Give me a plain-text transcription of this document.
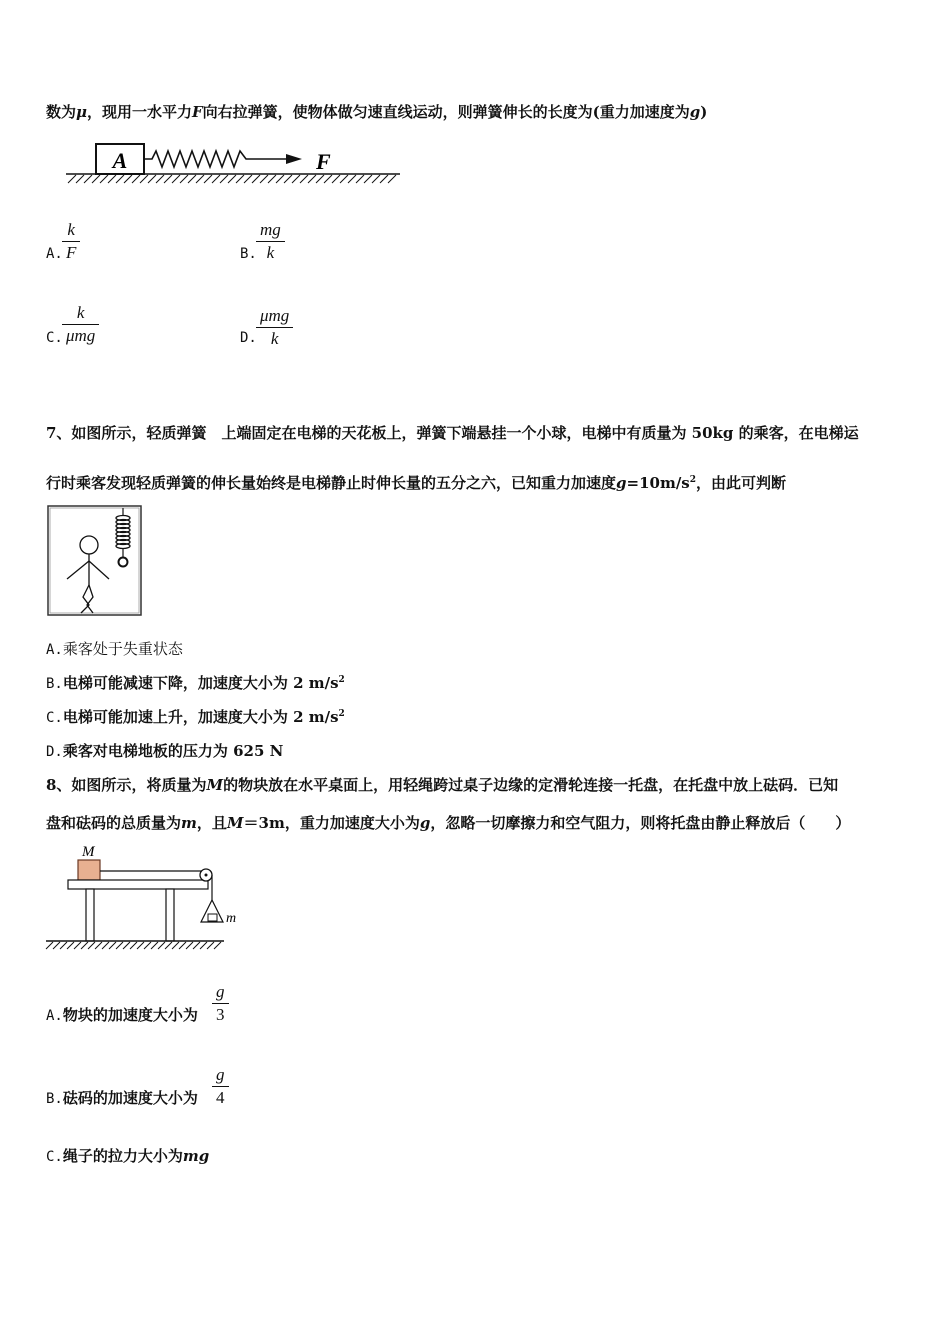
数为μ，现用一水平力F向右拉弹簧，使物体做匀速直线运动，则弹簧伸长的长度为(重力加速度为g)
A	F
A.
k
F	B.
mg
k
C.
k
μmg	D.
μmg
k
7、如图所示，轻质弹簧　上端固定在电梯的天花板上，弹簧下端悬挂一个小球，电梯中有质量为 50kg 的乘客，在电梯运
行时乘客发现轻质弹簧的伸长量始终是电梯静止时伸长量的五分之六，已知重力加速度$g=10m/s^2$，由此可判断
A.乘客处于失重状态
B.电梯可能减速下降，加速度大小为 2 $m/s^2$
C.电梯可能加速上升，加速度大小为 2 $m/s^2$
D.乘客对电梯地板的压力为 625 N
8、如图所示，将质量为M的物块放在水平桌面上，用轻绳跨过桌子边缘的定滑轮连接一托盘，在托盘中放上砝码．已知
盘和砝码的总质量为m，且M＝3m，重力加速度大小为g，忽略一切摩擦力和空气阻力，则将托盘由静止释放后（　　）
M
m
A.物块的加速度大小为
g
3
B.砝码的加速度大小为
g
4
C.绳子的拉力大小为mg
